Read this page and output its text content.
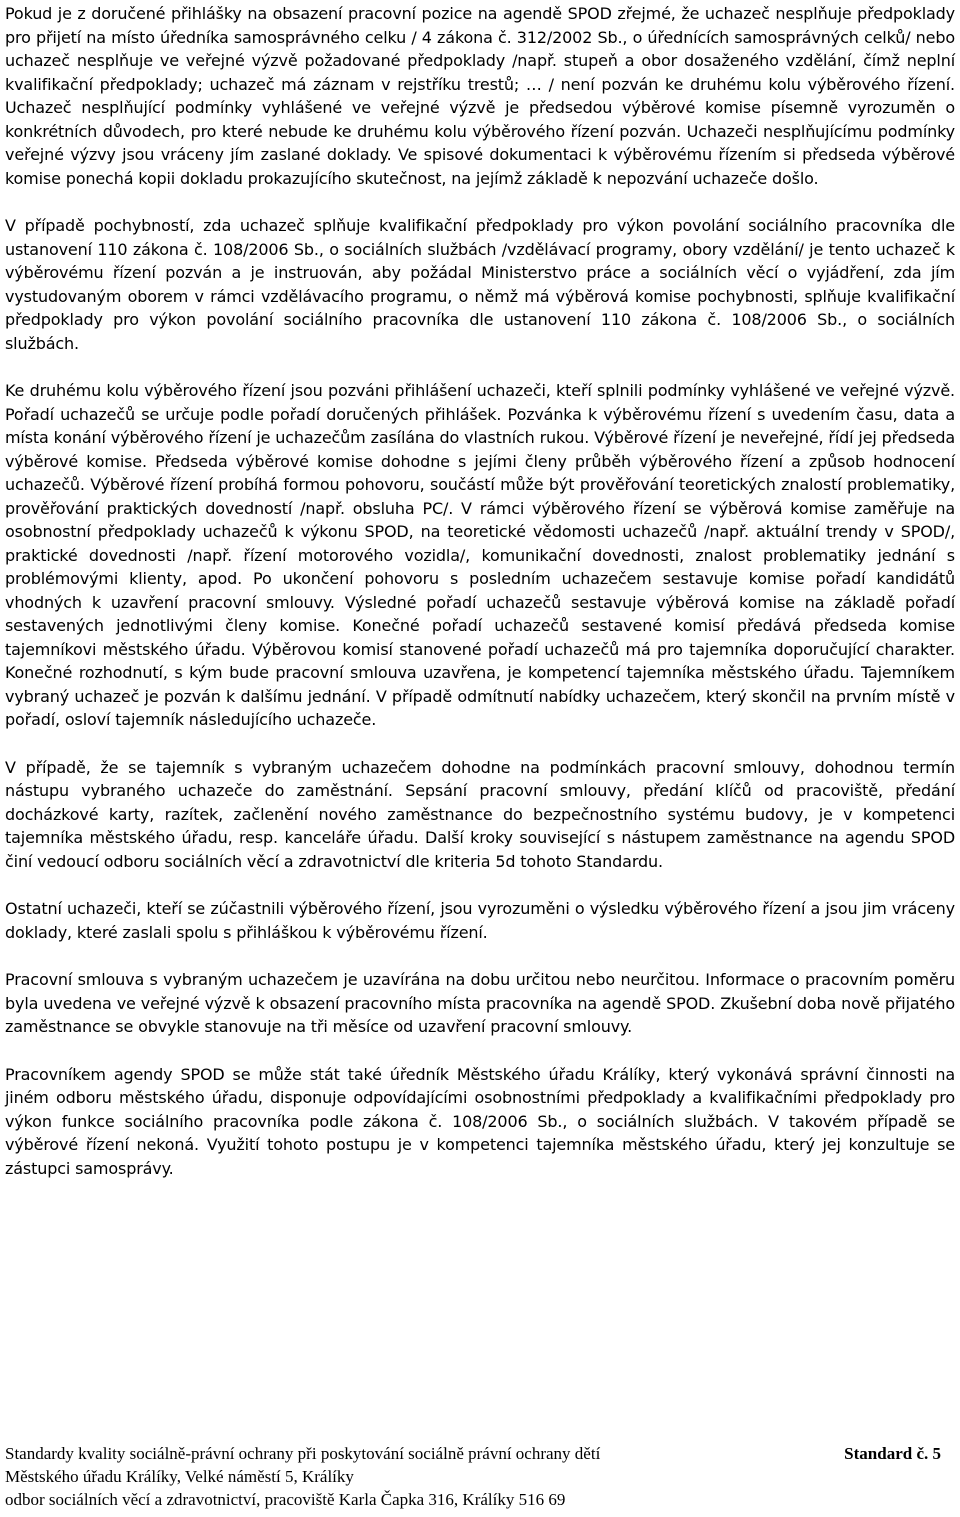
Pokud je z doručené přihlášky na obsazení pracovní pozice na agendě SPOD zřejmé, že uchazeč nesplňuje předpoklady pro přijetí na místo úředníka samosprávného celku / 4 zákona č. 312/2002 Sb., o úřednících samosprávných celků/ nebo uchazeč nesplňuje ve veřejné výzvě požadované předpoklady /např. stupeň a obor dosaženého vzdělání, čímž neplní kvalifikační předpoklady; uchazeč má záznam v rejstříku trestů; … / není pozván ke druhému kolu výběrového řízení. Uchazeč nesplňující podmínky vyhlášené ve veřejné výzvě je předsedou výběrové komise písemně vyrozuměn o konkrétních důvodech, pro které nebude ke druhému kolu výběrového řízení pozván. Uchazeči nesplňujícímu podmínky veřejné výzvy jsou vráceny jím zaslané doklady. Ve spisové dokumentaci k výběrovému řízením si předseda výběrové komise ponechá kopii dokladu prokazujícího skutečnost, na jejímž základě k nepozvání uchazeče došlo.

V případě pochybností, zda uchazeč splňuje kvalifikační předpoklady pro výkon povolání sociálního pracovníka dle ustanovení 110 zákona č. 108/2006 Sb., o sociálních službách /vzdělávací programy, obory vzdělání/ je tento uchazeč k výběrovému řízení pozván a je instruován, aby požádal Ministerstvo práce a sociálních věcí o vyjádření, zda jím vystudovaným oborem v rámci vzdělávacího programu, o němž má výběrová komise pochybnosti, splňuje kvalifikační předpoklady pro výkon povolání sociálního pracovníka dle ustanovení 110 zákona č. 108/2006 Sb., o sociálních službách.

Ke druhému kolu výběrového řízení jsou pozváni přihlášení uchazeči, kteří splnili podmínky vyhlášené ve veřejné výzvě. Pořadí uchazečů se určuje podle pořadí doručených přihlášek. Pozvánka k výběrovému řízení s uvedením času, data a místa konání výběrového řízení je uchazečům zasílána do vlastních rukou. Výběrové řízení je neveřejné, řídí jej předseda výběrové komise. Předseda výběrové komise dohodne s jejími členy průběh výběrového řízení a způsob hodnocení uchazečů. Výběrové řízení probíhá formou pohovoru, součástí může být prověřování teoretických znalostí problematiky, prověřování praktických dovedností /např. obsluha PC/. V rámci výběrového řízení se výběrová komise zaměřuje na osobnostní předpoklady uchazečů k výkonu SPOD, na teoretické vědomosti uchazečů /např. aktuální trendy v SPOD/, praktické dovednosti /např. řízení motorového vozidla/, komunikační dovednosti, znalost problematiky jednání s problémovými klienty, apod. Po ukončení pohovoru s posledním uchazečem sestavuje komise pořadí kandidátů vhodných k uzavření pracovní smlouvy. Výsledné pořadí uchazečů sestavuje výběrová komise na základě pořadí sestavených jednotlivými členy komise. Konečné pořadí uchazečů sestavené komisí předává předseda komise tajemníkovi městského úřadu. Výběrovou komisí stanovené pořadí uchazečů má pro tajemníka doporučující charakter. Konečné rozhodnutí, s kým bude pracovní smlouva uzavřena, je kompetencí tajemníka městského úřadu. Tajemníkem vybraný uchazeč je pozván k dalšímu jednání. V případě odmítnutí nabídky uchazečem, který skončil na prvním místě v pořadí, osloví tajemník následujícího uchazeče.

V případě, že se tajemník s vybraným uchazečem dohodne na podmínkách pracovní smlouvy, dohodnou termín nástupu vybraného uchazeče do zaměstnání. Sepsání pracovní smlouvy, předání klíčů od pracoviště, předání docházkové karty, razítek, začlenění nového zaměstnance do bezpečnostního systému budovy, je v kompetenci tajemníka městského úřadu, resp. kanceláře úřadu. Další kroky související s nástupem zaměstnance na agendu SPOD činí vedoucí odboru sociálních věcí a zdravotnictví dle kriteria 5d tohoto Standardu.

Ostatní uchazeči, kteří se zúčastnili výběrového řízení, jsou vyrozuměni o výsledku výběrového řízení a jsou jim vráceny doklady, které zaslali spolu s přihláškou k výběrovému řízení.

Pracovní smlouva s vybraným uchazečem je uzavírána na dobu určitou nebo neurčitou. Informace o pracovním poměru byla uvedena ve veřejné výzvě k obsazení pracovního místa pracovníka na agendě SPOD. Zkušební doba nově přijatého zaměstnance se obvykle stanovuje na tři měsíce od uzavření pracovní smlouvy.

Pracovníkem agendy SPOD se může stát také úředník Městského úřadu Králíky, který vykonává správní činnosti na jiném odboru městského úřadu, disponuje odpovídajícími osobnostními předpoklady a kvalifikačními předpoklady pro výkon funkce sociálního pracovníka podle zákona č. 108/2006 Sb., o sociálních službách. V takovém případě se výběrové řízení nekoná. Využití tohoto postupu je v kompetenci tajemníka městského úřadu, který jej konzultuje se zástupci samosprávy.

Standardy kvality sociálně-právní ochrany při poskytování sociálně právní ochrany dětí	Standard č. 5
Městského úřadu Králíky, Velké náměstí 5, Králíky
odbor sociálních věcí a zdravotnictví, pracoviště Karla Čapka 316, Králíky 516 69
